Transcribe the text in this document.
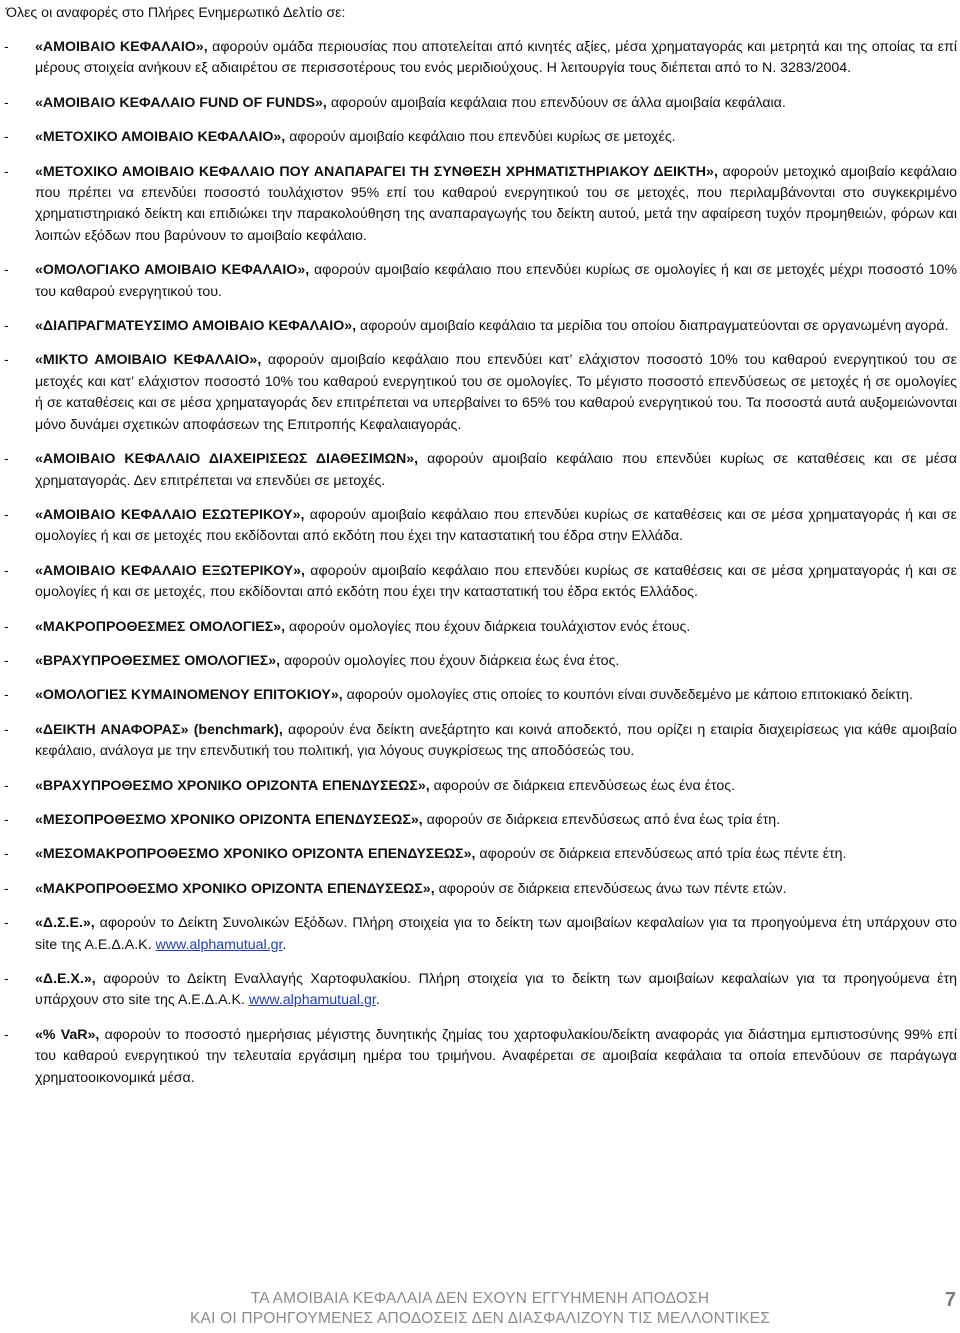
Όλες οι αναφορές στο Πλήρες Ενημερωτικό Δελτίο σε:

-	«ΑΜΟΙΒΑΙΟ ΚΕΦΑΛΑΙΟ», αφορούν ομάδα περιουσίας που αποτελείται από κινητές αξίες, μέσα χρηματαγοράς και μετρητά και της οποίας τα επί μέρους στοιχεία ανήκουν εξ αδιαιρέτου σε περισσοτέρους του ενός μεριδιούχους. Η λειτουργία τους διέπεται από το Ν. 3283/2004.
-	«ΑΜΟΙΒΑΙΟ ΚΕΦΑΛΑΙΟ FUND OF FUNDS», αφορούν αμοιβαία κεφάλαια που επενδύουν σε άλλα αμοιβαία κεφάλαια.
-	«ΜΕΤΟΧΙΚΟ ΑΜΟΙΒΑΙΟ ΚΕΦΑΛΑΙΟ», αφορούν αμοιβαίο κεφάλαιο που επενδύει κυρίως σε μετοχές.
-	«ΜΕΤΟΧΙΚΟ ΑΜΟΙΒΑΙΟ ΚΕΦΑΛΑΙΟ ΠΟΥ ΑΝΑΠΑΡΑΓΕΙ ΤΗ ΣΥΝΘΕΣΗ ΧΡΗΜΑΤΙΣΤΗΡΙΑΚΟΥ ΔΕΙΚΤΗ», αφορούν μετοχικό αμοιβαίο κεφάλαιο που πρέπει να επενδύει ποσοστό τουλάχιστον 95% επί του καθαρού ενεργητικού του σε μετοχές, που περιλαμβάνονται στο συγκεκριμένο χρηματιστηριακό δείκτη και επιδιώκει την παρακολούθηση της αναπαραγωγής του δείκτη αυτού, μετά την αφαίρεση τυχόν προμηθειών, φόρων και λοιπών εξόδων που βαρύνουν το αμοιβαίο κεφάλαιο.
-	«ΟΜΟΛΟΓΙΑΚΟ ΑΜΟΙΒΑΙΟ ΚΕΦΑΛΑΙΟ», αφορούν αμοιβαίο κεφάλαιο που επενδύει κυρίως σε ομολογίες ή και σε μετοχές μέχρι ποσοστό 10% του καθαρού ενεργητικού του.
-	«ΔΙΑΠΡΑΓΜΑΤΕΥΣΙΜΟ ΑΜΟΙΒΑΙΟ ΚΕΦΑΛΑΙΟ», αφορούν αμοιβαίο κεφάλαιο τα μερίδια του οποίου διαπραγματεύονται σε οργανωμένη αγορά.
-	«ΜΙΚΤΟ ΑΜΟΙΒΑΙΟ ΚΕΦΑΛΑΙΟ», αφορούν αμοιβαίο κεφάλαιο που επενδύει κατ’ ελάχιστον ποσοστό 10% του καθαρού ενεργητικού του σε μετοχές και κατ’ ελάχιστον ποσοστό 10% του καθαρού ενεργητικού του σε ομολογίες. Το μέγιστο ποσοστό επενδύσεως σε μετοχές ή σε ομολογίες ή σε καταθέσεις και σε μέσα χρηματαγοράς δεν επιτρέπεται να υπερβαίνει το 65% του καθαρού ενεργητικού του. Τα ποσοστά αυτά αυξομειώνονται μόνο δυνάμει σχετικών αποφάσεων της Επιτροπής Κεφαλαιαγοράς.
-	«ΑΜΟΙΒΑΙΟ ΚΕΦΑΛΑΙΟ ΔΙΑΧΕΙΡΙΣΕΩΣ ΔΙΑΘΕΣΙΜΩΝ», αφορούν αμοιβαίο κεφάλαιο που επενδύει κυρίως σε καταθέσεις και σε μέσα χρηματαγοράς. Δεν επιτρέπεται να επενδύει σε μετοχές.
-	«ΑΜΟΙΒΑΙΟ ΚΕΦΑΛΑΙΟ ΕΣΩΤΕΡΙΚΟΥ», αφορούν αμοιβαίο κεφάλαιο που επενδύει κυρίως σε καταθέσεις και σε μέσα χρηματαγοράς ή και σε ομολογίες ή και σε μετοχές που εκδίδονται από εκδότη που έχει την καταστατική του έδρα στην Ελλάδα.
-	«ΑΜΟΙΒΑΙΟ ΚΕΦΑΛΑΙΟ ΕΞΩΤΕΡΙΚΟΥ», αφορούν αμοιβαίο κεφάλαιο που επενδύει κυρίως σε καταθέσεις και σε μέσα χρηματαγοράς ή και σε ομολογίες ή και σε μετοχές, που εκδίδονται από εκδότη που έχει την καταστατική του έδρα εκτός Ελλάδος.
-	«ΜΑΚΡΟΠΡΟΘΕΣΜΕΣ ΟΜΟΛΟΓΙΕΣ», αφορούν ομολογίες που έχουν διάρκεια τουλάχιστον ενός έτους.
-	«ΒΡΑΧΥΠΡΟΘΕΣΜΕΣ ΟΜΟΛΟΓΙΕΣ», αφορούν ομολογίες που έχουν διάρκεια έως ένα έτος.
-	«ΟΜΟΛΟΓΙΕΣ ΚΥΜΑΙΝΟΜΕΝΟΥ ΕΠΙΤΟΚΙΟΥ», αφορούν ομολογίες στις οποίες το κουπόνι είναι συνδεδεμένο με κάποιο επιτοκιακό δείκτη.
-	«ΔΕΙΚΤΗ ΑΝΑΦΟΡΑΣ» (benchmark), αφορούν ένα δείκτη ανεξάρτητο και κοινά αποδεκτό, που ορίζει η εταιρία διαχειρίσεως για κάθε αμοιβαίο κεφάλαιο, ανάλογα με την επενδυτική του πολιτική, για λόγους συγκρίσεως της αποδόσεώς του.
-	«ΒΡΑΧΥΠΡΟΘΕΣΜΟ ΧΡΟΝΙΚΟ ΟΡΙΖΟΝΤΑ ΕΠΕΝΔΥΣΕΩΣ», αφορούν σε διάρκεια επενδύσεως έως ένα έτος.
-	«ΜΕΣΟΠΡΟΘΕΣΜΟ ΧΡΟΝΙΚΟ ΟΡΙΖΟΝΤΑ ΕΠΕΝΔΥΣΕΩΣ», αφορούν σε διάρκεια επενδύσεως από ένα έως τρία έτη.
-	«ΜΕΣΟΜΑΚΡΟΠΡΟΘΕΣΜΟ ΧΡΟΝΙΚΟ ΟΡΙΖΟΝΤΑ ΕΠΕΝΔΥΣΕΩΣ», αφορούν σε διάρκεια επενδύσεως από τρία έως πέντε έτη.
-	«ΜΑΚΡΟΠΡΟΘΕΣΜΟ ΧΡΟΝΙΚΟ ΟΡΙΖΟΝΤΑ ΕΠΕΝΔΥΣΕΩΣ», αφορούν σε διάρκεια επενδύσεως άνω των πέντε ετών.
-	«Δ.Σ.Ε.», αφορούν το Δείκτη Συνολικών Εξόδων. Πλήρη στοιχεία για το δείκτη των αμοιβαίων κεφαλαίων για τα προηγούμενα έτη υπάρχουν στο site της Α.Ε.Δ.Α.Κ. www.alphamutual.gr.
-	«Δ.Ε.Χ.», αφορούν το Δείκτη Εναλλαγής Χαρτοφυλακίου. Πλήρη στοιχεία για το δείκτη των αμοιβαίων κεφαλαίων για τα προηγούμενα έτη υπάρχουν στο site της Α.Ε.Δ.Α.Κ. www.alphamutual.gr.
-	«% VaR», αφορούν το ποσοστό ημερήσιας μέγιστης δυνητικής ζημίας του χαρτοφυλακίου/δείκτη αναφοράς για διάστημα εμπιστοσύνης 99% επί του καθαρού ενεργητικού την τελευταία εργάσιμη ημέρα του τριμήνου. Αναφέρεται σε αμοιβαία κεφάλαια τα οποία επενδύουν σε παράγωγα χρηματοοικονομικά μέσα.
ΤΑ ΑΜΟΙΒΑΙΑ ΚΕΦΑΛΑΙΑ ΔΕΝ ΕΧΟΥΝ ΕΓΓΥΗΜΕΝΗ ΑΠΟΔΟΣΗ
ΚΑΙ ΟΙ ΠΡΟΗΓΟΥΜΕΝΕΣ ΑΠΟΔΟΣΕΙΣ ΔΕΝ ΔΙΑΣΦΑΛΙΖΟΥΝ ΤΙΣ ΜΕΛΛΟΝΤΙΚΕΣ
7
